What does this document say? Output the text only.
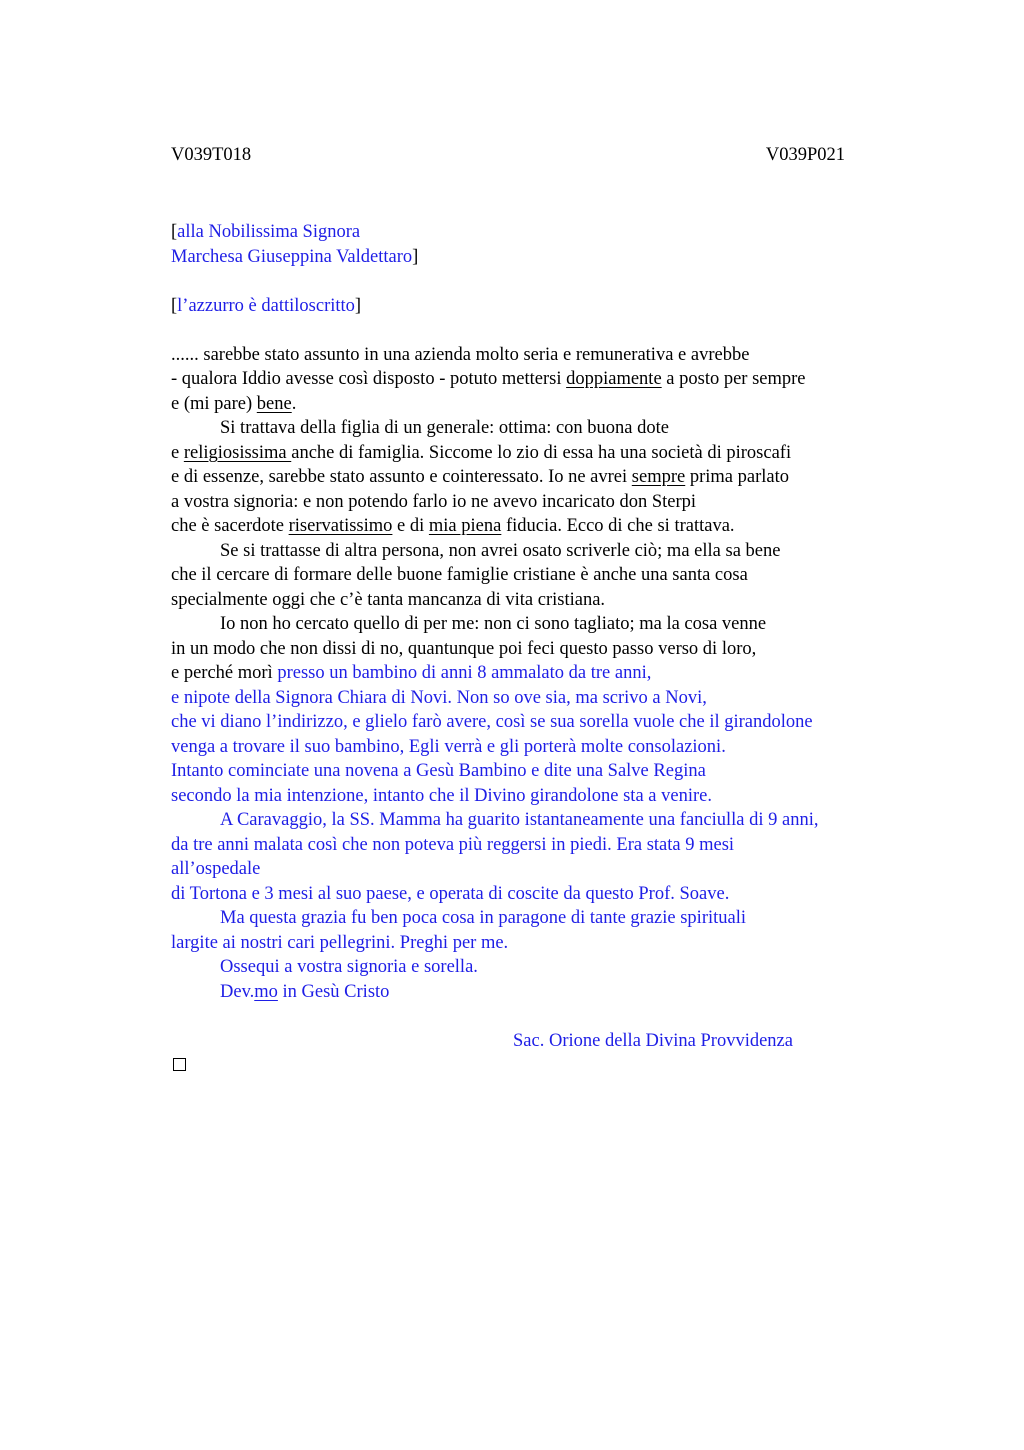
V039T018	V039P021
[alla Nobilissima Signora
Marchesa Giuseppina Valdettaro]
[l’azzurro è dattiloscritto]
...... sarebbe stato assunto in una azienda molto seria e remunerativa e avrebbe
- qualora Iddio avesse così disposto - potuto mettersi doppiamente a posto per sempre
e (mi pare) bene.
Si trattava della figlia di un generale: ottima: con buona dote
e religiosissima anche di famiglia. Siccome lo zio di essa ha una società di piroscafi
e di essenze, sarebbe stato assunto e cointeressato. Io ne avrei sempre prima parlato
a vostra signoria: e non potendo farlo io ne avevo incaricato don Sterpi
che è sacerdote riservatissimo e di mia piena fiducia. Ecco di che si trattava.
Se si trattasse di altra persona, non avrei osato scriverle ciò; ma ella sa bene
che il cercare di formare delle buone famiglie cristiane è anche una santa cosa
specialmente oggi che c’è tanta mancanza di vita cristiana.
Io non ho cercato quello di per me: non ci sono tagliato; ma la cosa venne
in un modo che non dissi di no, quantunque poi feci questo passo verso di loro,
e perché morì presso un bambino di anni 8 ammalato da tre anni,
e nipote della Signora Chiara di Novi. Non so ove sia, ma scrivo a Novi,
che vi diano l’indirizzo, e glielo farò avere, così se sua sorella vuole che il girandolone
venga a trovare il suo bambino, Egli verrà e gli porterà molte consolazioni.
Intanto cominciate una novena a Gesù Bambino e dite una Salve Regina
secondo la mia intenzione, intanto che il Divino girandolone sta a venire.
A Caravaggio, la SS. Mamma ha guarito istantaneamente una fanciulla di 9 anni,
da tre anni malata così che non poteva più reggersi in piedi. Era stata 9 mesi
all’ospedale
di Tortona e 3 mesi al suo paese, e operata di coscite da questo Prof. Soave.
Ma questa grazia fu ben poca cosa in paragone di tante grazie spirituali
largite ai nostri cari pellegrini. Preghi per me.
Ossequi a vostra signoria e sorella.
Dev.mo in Gesù Cristo
Sac. Orione della Divina Provvidenza
